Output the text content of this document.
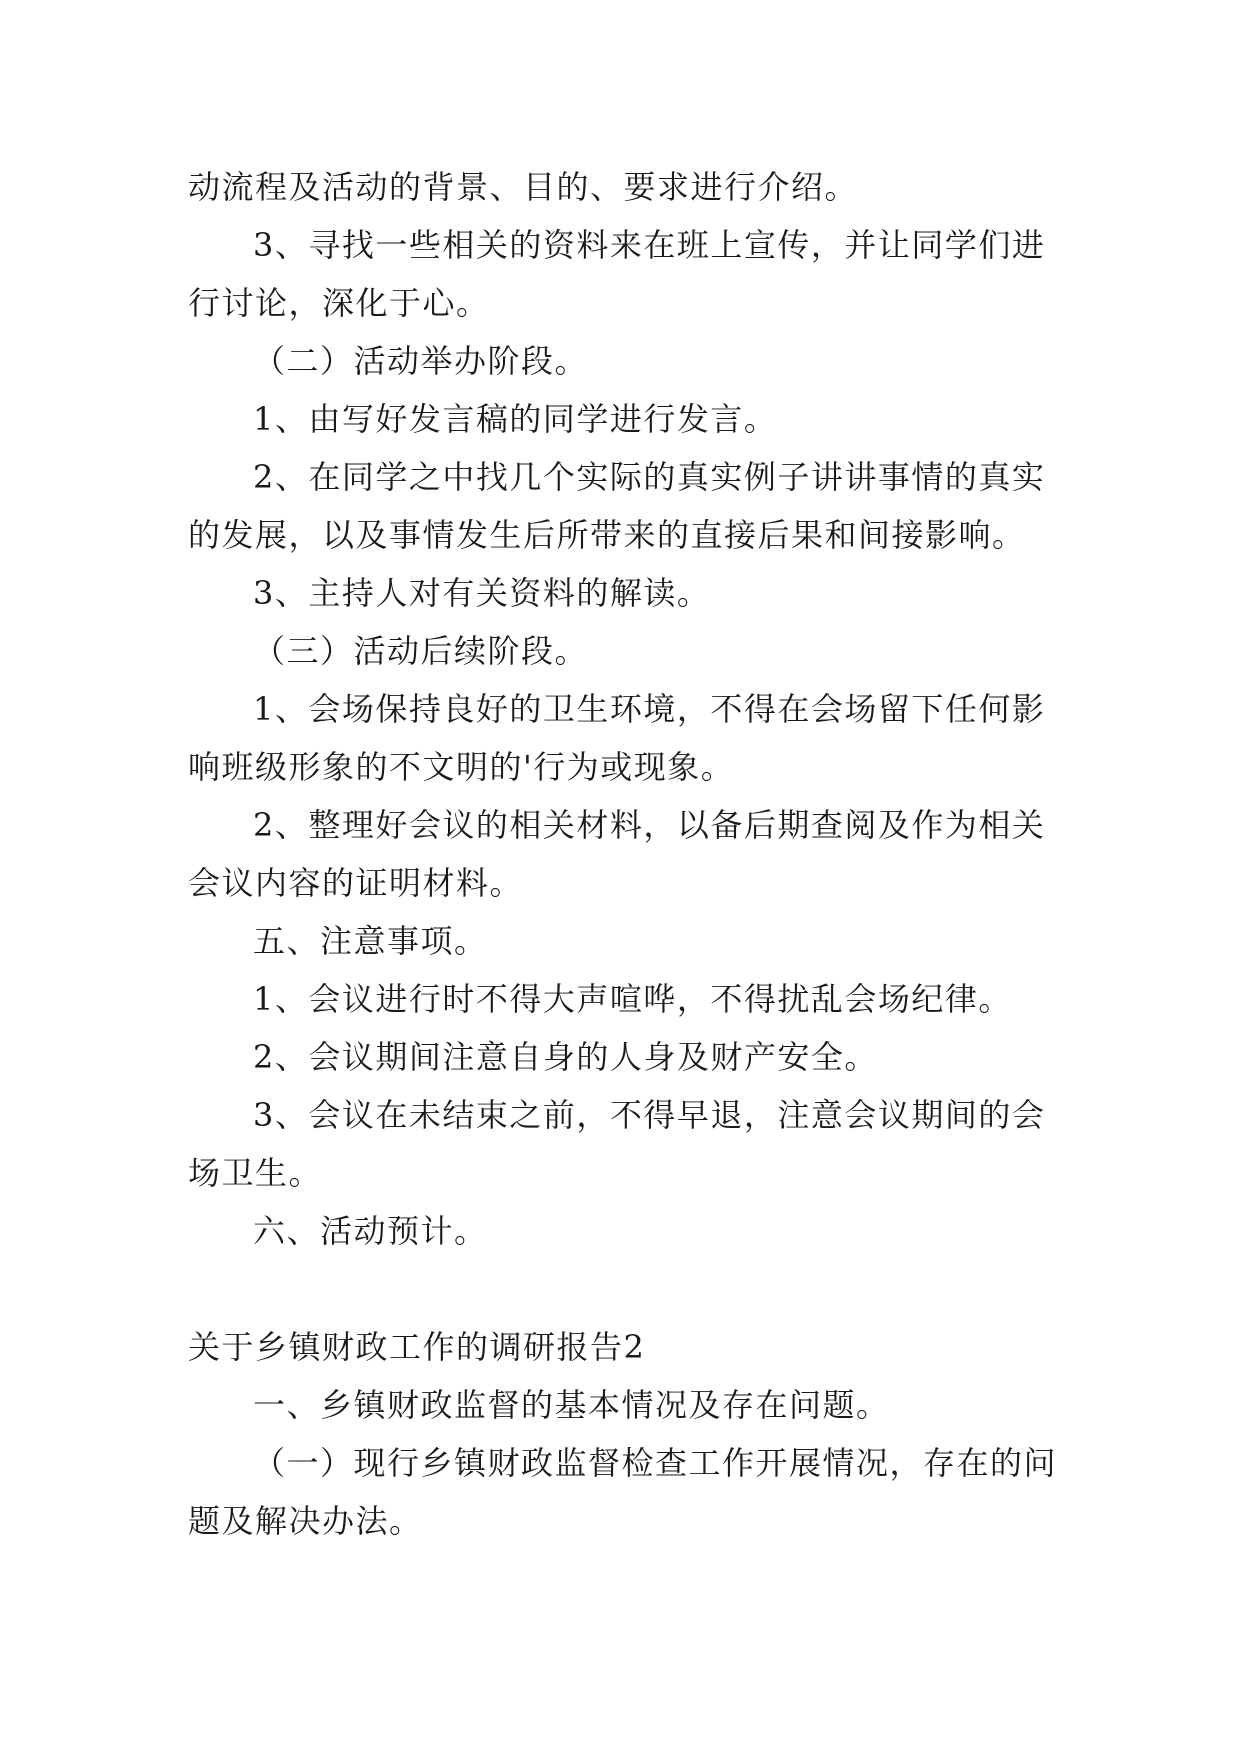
动流程及活动的背景、目的、要求进行介绍。
3、寻找一些相关的资料来在班上宣传，并让同学们进
行讨论，深化于心。
（二）活动举办阶段。
1、由写好发言稿的同学进行发言。
2、在同学之中找几个实际的真实例子讲讲事情的真实
的发展，以及事情发生后所带来的直接后果和间接影响。
3、主持人对有关资料的解读。
（三）活动后续阶段。
1、会场保持良好的卫生环境，不得在会场留下任何影
响班级形象的不文明的'行为或现象。
2、整理好会议的相关材料，以备后期查阅及作为相关
会议内容的证明材料。
五、注意事项。
1、会议进行时不得大声喧哗，不得扰乱会场纪律。
2、会议期间注意自身的人身及财产安全。
3、会议在未结束之前，不得早退，注意会议期间的会
场卫生。
六、活动预计。
关于乡镇财政工作的调研报告2
一、乡镇财政监督的基本情况及存在问题。
（一）现行乡镇财政监督检查工作开展情况，存在的问
题及解决办法。
